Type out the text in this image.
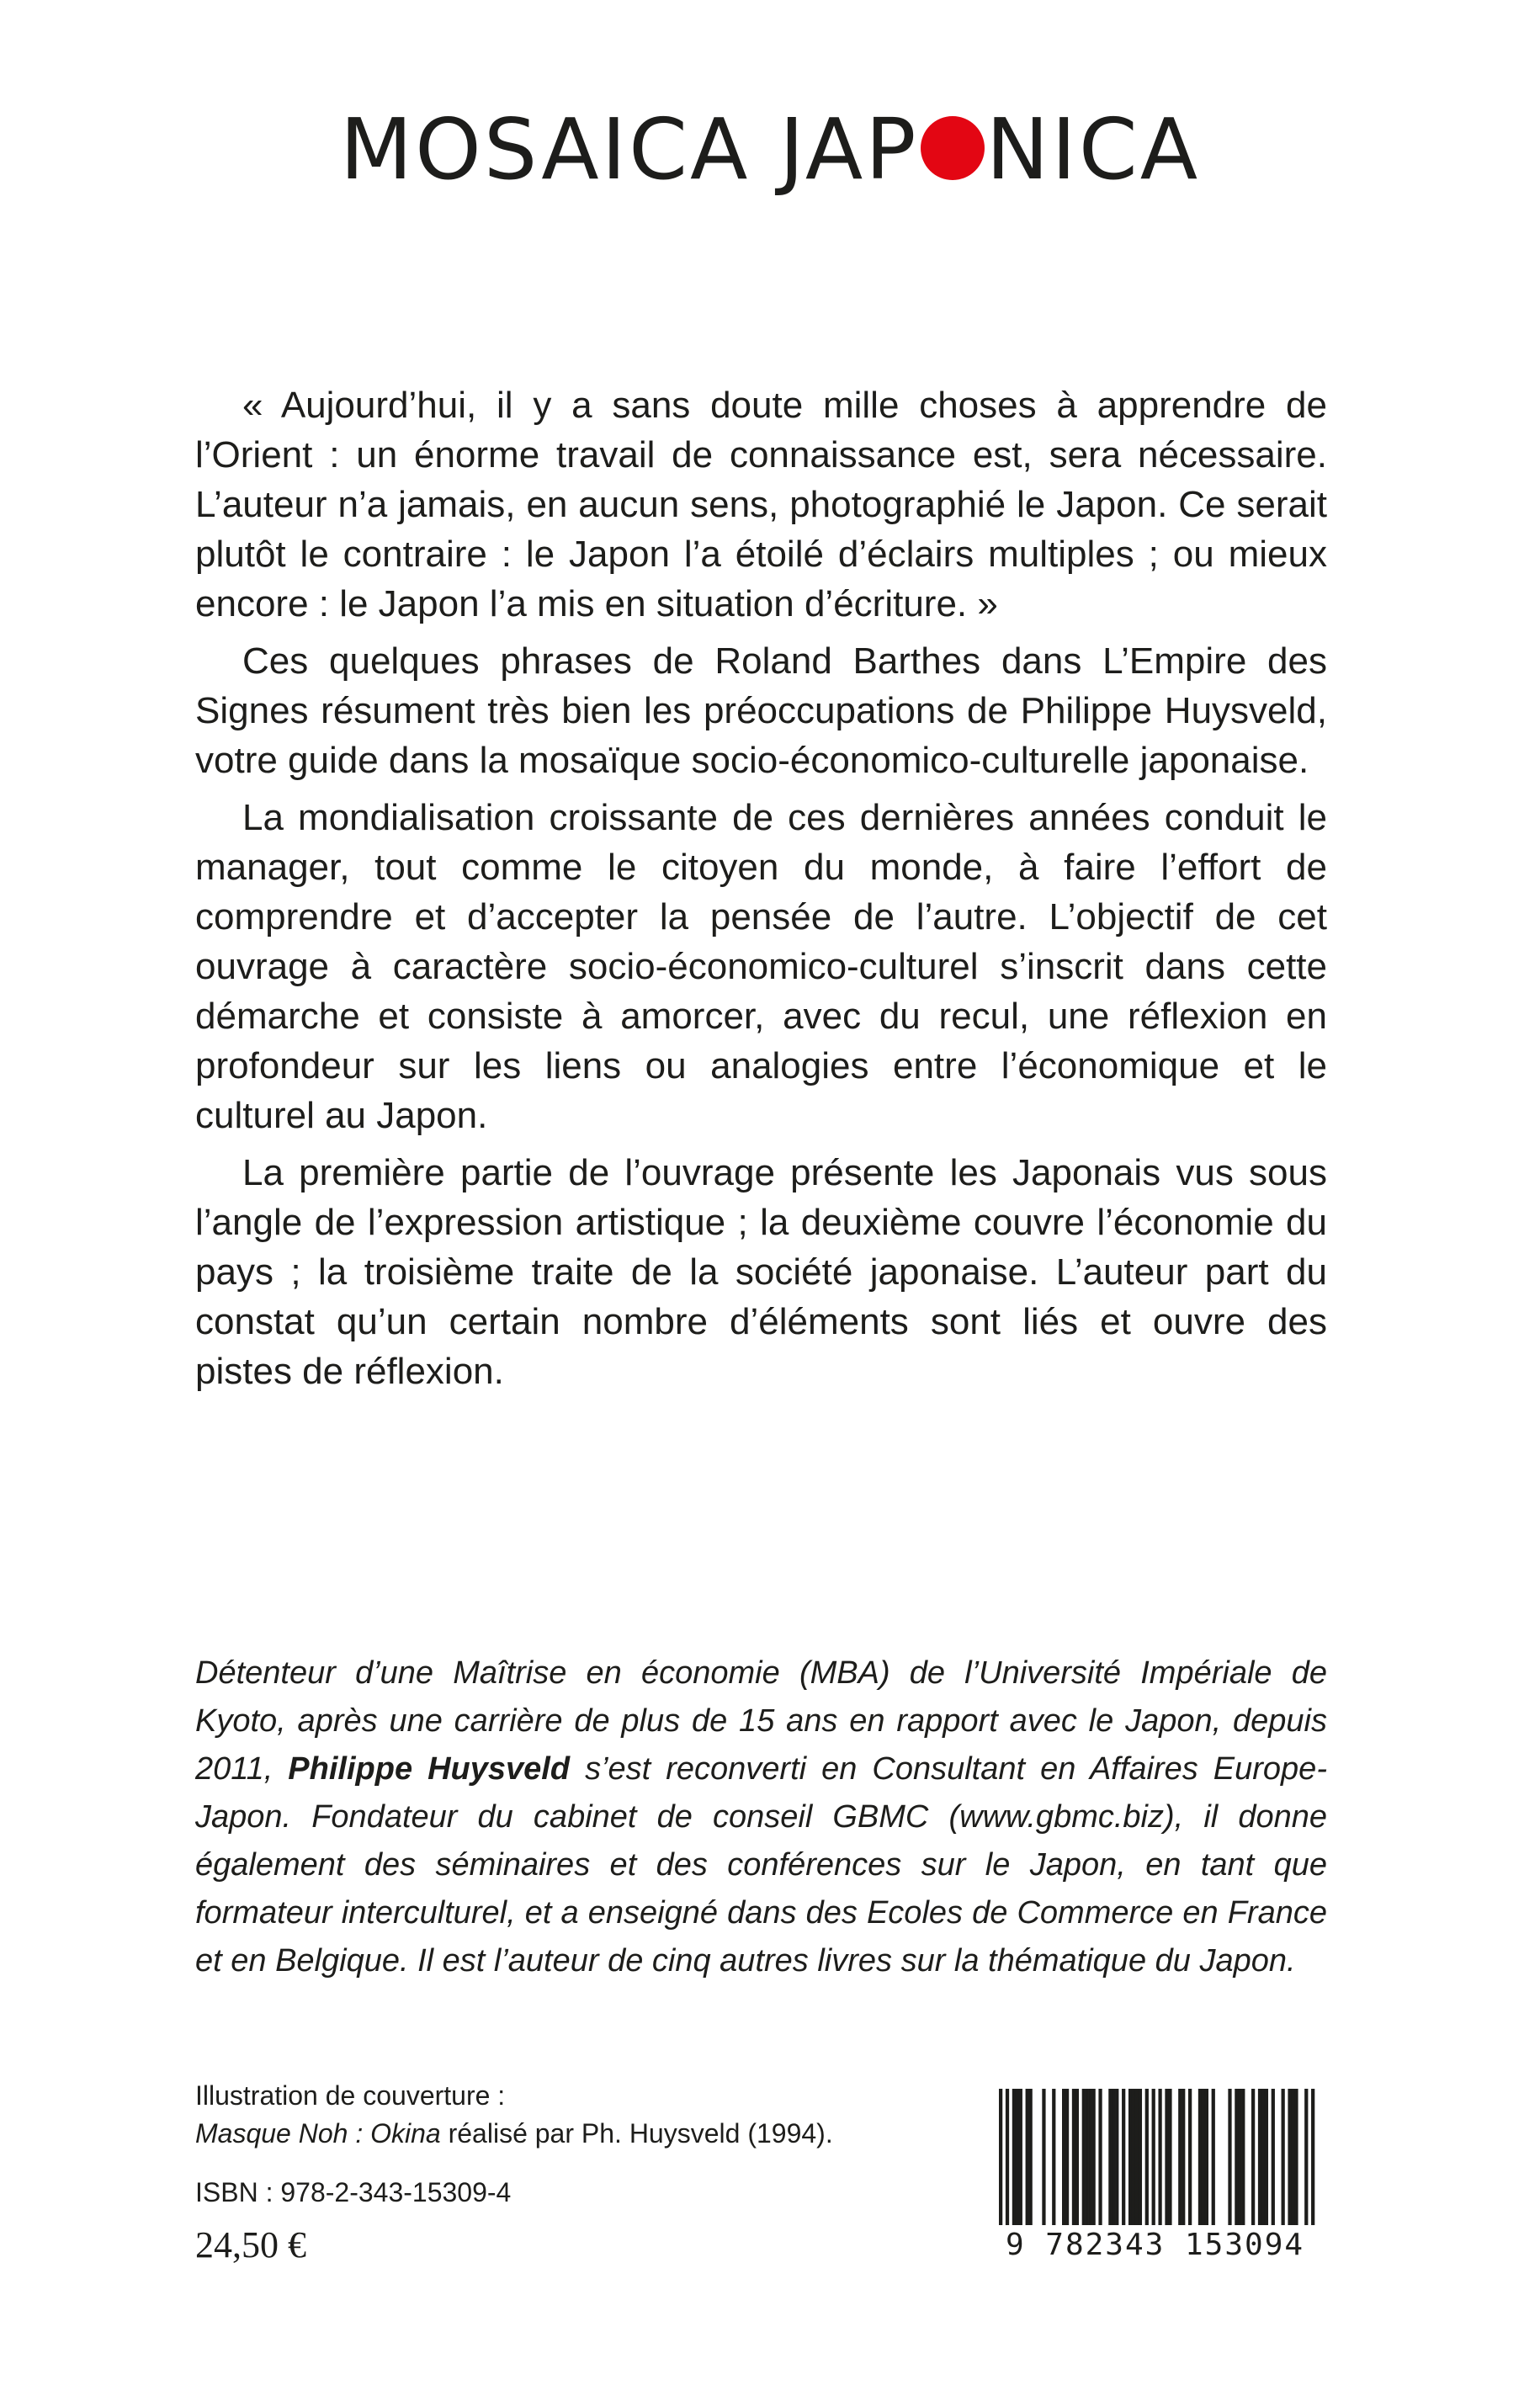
MOSAICA JAP NICA

« Aujourd’hui, il y a sans doute mille choses à apprendre de l’Orient : un énorme travail de connaissance est, sera nécessaire. L’auteur n’a jamais, en aucun sens, photographié le Japon. Ce serait plutôt le contraire : le Japon l’a étoilé d’éclairs multiples ; ou mieux encore : le Japon l’a mis en situation d’écriture. »

Ces quelques phrases de Roland Barthes dans L’Empire des Signes résument très bien les préoccupations de Philippe Huysveld, votre guide dans la mosaïque socio-économico-culturelle japonaise.

La mondialisation croissante de ces dernières années conduit le manager, tout comme le citoyen du monde, à faire l’effort de comprendre et d’accepter la pensée de l’autre. L’objectif de cet ouvrage à caractère socio-économico-culturel s’inscrit dans cette démarche et consiste à amorcer, avec du recul, une réflexion en profondeur sur les liens ou analogies entre l’économique et le culturel au Japon.

La première partie de l’ouvrage présente les Japonais vus sous l’angle de l’expression artistique ; la deuxième couvre l’économie du pays ; la troisième traite de la société japonaise. L’auteur part du constat qu’un certain nombre d’éléments sont liés et ouvre des pistes de réflexion.

Détenteur d’une Maîtrise en économie (MBA) de l’Université Impériale de Kyoto, après une carrière de plus de 15 ans en rapport avec le Japon, depuis 2011, Philippe Huysveld s’est reconverti en Consultant en Affaires Europe-Japon. Fondateur du cabinet de conseil GBMC (www.gbmc.biz), il donne également des séminaires et des conférences sur le Japon, en tant que formateur interculturel, et a enseigné dans des Ecoles de Commerce en France et en Belgique. Il est l’auteur de cinq autres livres sur la thématique du Japon.

Illustration de couverture :
Masque Noh : Okina réalisé par Ph. Huysveld (1994).
ISBN : 978-2-343-15309-4
24,50 €	9 782343 153094
